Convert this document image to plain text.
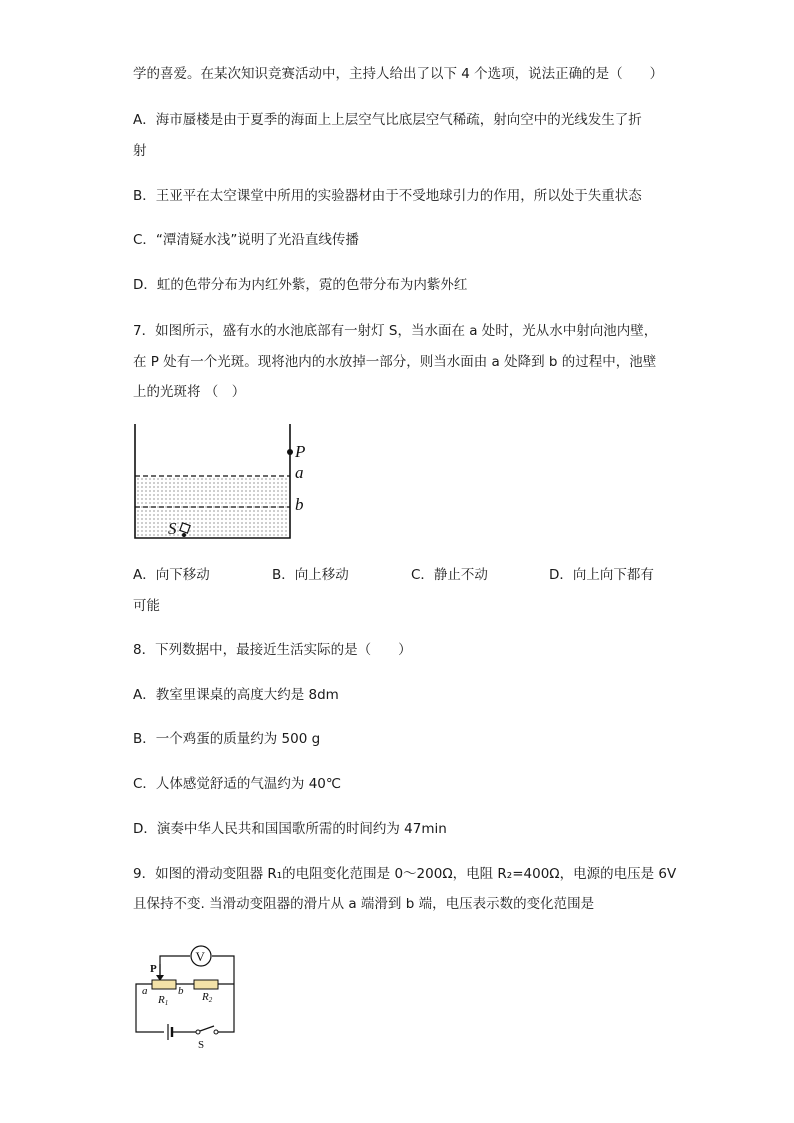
学的喜爱。在某次知识竞赛活动中，主持人给出了以下 4 个选项，说法正确的是（　　）
A．海市蜃楼是由于夏季的海面上上层空气比底层空气稀疏，射向空中的光线发生了折
射
B．王亚平在太空课堂中所用的实验器材由于不受地球引力的作用，所以处于失重状态
C．“潭清疑水浅”说明了光沿直线传播
D．虹的色带分布为内红外紫，霓的色带分布为内紫外红
7．如图所示，盛有水的水池底部有一射灯 S，当水面在 a 处时，光从水中射向池内壁，
在 P 处有一个光斑。现将池内的水放掉一部分，则当水面由 a 处降到 b 的过程中，池壁
上的光斑将 （　）
P
a
b
S
A．向下移动	B．向上移动	C．静止不动	D．向上向下都有
可能
8．下列数据中，最接近生活实际的是（　　）
A．教室里课桌的高度大约是 8dm
B．一个鸡蛋的质量约为 500 g
C．人体感觉舒适的气温约为 40℃
D．演奏中华人民共和国国歌所需的时间约为 47min
9．如图的滑动变阻器 R₁的电阻变化范围是 0～200Ω，电阻 R₂=400Ω，电源的电压是 6V
且保持不变. 当滑动变阻器的滑片从 a 端滑到 b 端，电压表示数的变化范围是
V
P
a	b
R1	R2
S
